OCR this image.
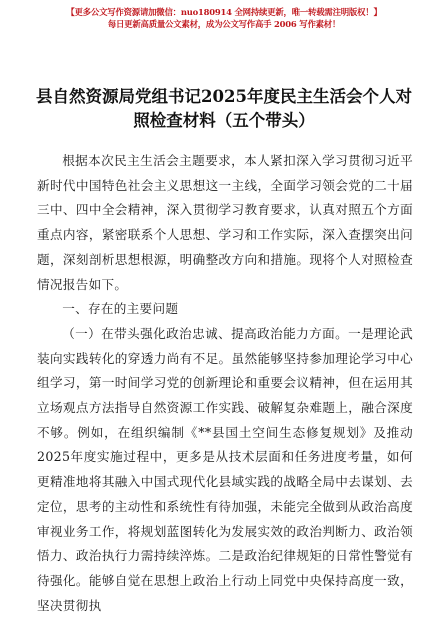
【更多公文写作资源请加微信：nuo180914 全网持续更新，唯一转载需注明版权！】
每日更新高质量公文素材，成为公文写作高手 2006 写作素材！
县自然资源局党组书记2025年度民主生活会个人对照检查材料（五个带头）

根据本次民主生活会主题要求，本人紧扣深入学习贯彻习近平新时代中国特色社会主义思想这一主线，全面学习领会党的二十届三中、四中全会精神，深入贯彻学习教育要求，认真对照五个方面重点内容，紧密联系个人思想、学习和工作实际，深入查摆突出问题，深刻剖析思想根源，明确整改方向和措施。现将个人对照检查情况报告如下。

一、存在的主要问题

（一）在带头强化政治忠诚、提高政治能力方面。一是理论武装向实践转化的穿透力尚有不足。虽然能够坚持参加理论学习中心组学习，第一时间学习党的创新理论和重要会议精神，但在运用其立场观点方法指导自然资源工作实践、破解复杂难题上，融合深度不够。例如，在组织编制《**县国土空间生态修复规划》及推动2025年度实施过程中，更多是从技术层面和任务进度考量，如何更精准地将其融入中国式现代化县域实践的战略全局中去谋划、去定位，思考的主动性和系统性有待加强，未能完全做到从政治高度审视业务工作，将规划蓝图转化为发展实效的政治判断力、政治领悟力、政治执行力需持续淬炼。二是政治纪律规矩的日常性警觉有待强化。能够自觉在思想上政治上行动上同党中央保持高度一致，坚决贯彻执
